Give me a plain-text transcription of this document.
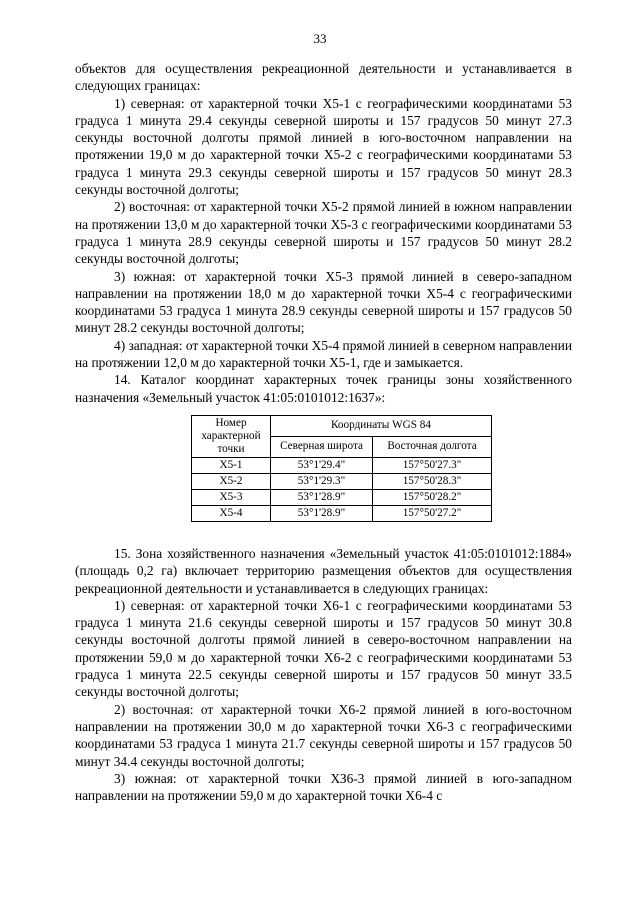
33

объектов для осуществления рекреационной деятельности и устанавливается в следующих границах:

1) северная: от характерной точки Х5-1 с географическими координатами 53 градуса 1 минута 29.4 секунды северной широты и 157 градусов 50 минут 27.3 секунды восточной долготы прямой линией в юго-восточном направлении на протяжении 19,0 м до характерной точки Х5-2 с географическими координатами 53 градуса 1 минута 29.3 секунды северной широты и 157 градусов 50 минут 28.3 секунды восточной долготы;

2) восточная: от характерной точки Х5-2 прямой линией в южном направлении на протяжении 13,0 м до характерной точки Х5-3 с географическими координатами 53 градуса 1 минута 28.9 секунды северной широты и 157 градусов 50 минут 28.2 секунды восточной долготы;

3) южная: от характерной точки Х5-3 прямой линией в северо-западном направлении на протяжении 18,0 м до характерной точки Х5-4 с географическими координатами 53 градуса 1 минута 28.9 секунды северной широты и 157 градусов 50 минут 28.2 секунды восточной долготы;

4) западная: от характерной точки Х5-4 прямой линией в северном направлении на протяжении 12,0 м до характерной точки Х5-1, где и замыкается.

14. Каталог координат характерных точек границы зоны хозяйственного назначения «Земельный участок 41:05:0101012:1637»:

Номер характерной точки	Координаты WGS 84	
	Северная широта	Восточная долгота
Х5-1	53°1'29.4"	157°50'27.3"
Х5-2	53°1'29.3"	157°50'28.3"
Х5-3	53°1'28.9"	157°50'28.2"
Х5-4	53°1'28.9"	157°50'27.2"

15. Зона хозяйственного назначения «Земельный участок 41:05:0101012:1884» (площадь 0,2 га) включает территорию размещения объектов для осуществления рекреационной деятельности и устанавливается в следующих границах:

1) северная: от характерной точки Х6-1 с географическими координатами 53 градуса 1 минута 21.6 секунды северной широты и 157 градусов 50 минут 30.8 секунды восточной долготы прямой линией в северо-восточном направлении на протяжении 59,0 м до характерной точки Х6-2 с географическими координатами 53 градуса 1 минута 22.5 секунды северной широты и 157 градусов 50 минут 33.5 секунды восточной долготы;

2) восточная: от характерной точки Х6-2 прямой линией в юго-восточном направлении на протяжении 30,0 м до характерной точки Х6-3 с географическими координатами 53 градуса 1 минута 21.7 секунды северной широты и 157 градусов 50 минут 34.4 секунды восточной долготы;

3) южная: от характерной точки ХЗ6-3 прямой линией в юго-западном направлении на протяжении 59,0 м до характерной точки Х6-4 с
